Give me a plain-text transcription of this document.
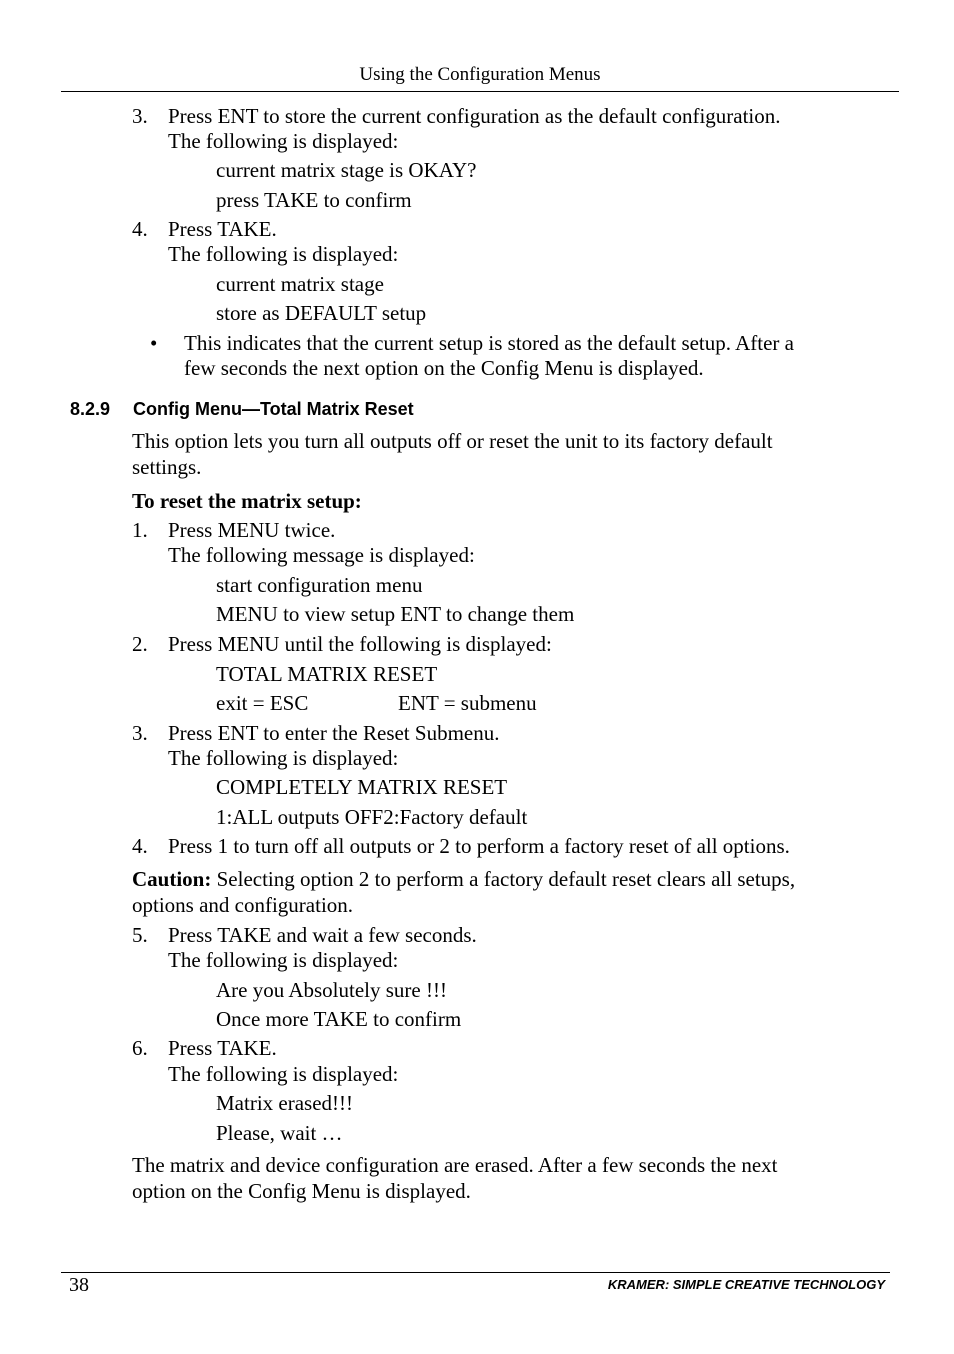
Using the Configuration Menus
3. Press ENT to store the current configuration as the default configuration.
The following is displayed:
current matrix stage is OKAY?
press TAKE to confirm
4. Press TAKE.
The following is displayed:
current matrix stage
store as DEFAULT setup
• This indicates that the current setup is stored as the default setup. After a
few seconds the next option on the Config Menu is displayed.
8.2.9 Config Menu—Total Matrix Reset
This option lets you turn all outputs off or reset the unit to its factory default
settings.
To reset the matrix setup:
1. Press MENU twice.
The following message is displayed:
start configuration menu
MENU to view setup ENT to change them
2. Press MENU until the following is displayed:
TOTAL MATRIX RESET
exit = ESC	ENT = submenu
3. Press ENT to enter the Reset Submenu.
The following is displayed:
COMPLETELY MATRIX RESET
1:ALL outputs OFF2:Factory default
4. Press 1 to turn off all outputs or 2 to perform a factory reset of all options.
Caution: Selecting option 2 to perform a factory default reset clears all setups,
options and configuration.
5. Press TAKE and wait a few seconds.
The following is displayed:
Are you Absolutely sure !!!
Once more TAKE to confirm
6. Press TAKE.
The following is displayed:
Matrix erased!!!
Please, wait …
The matrix and device configuration are erased. After a few seconds the next
option on the Config Menu is displayed.
38	KRAMER: SIMPLE CREATIVE TECHNOLOGY
